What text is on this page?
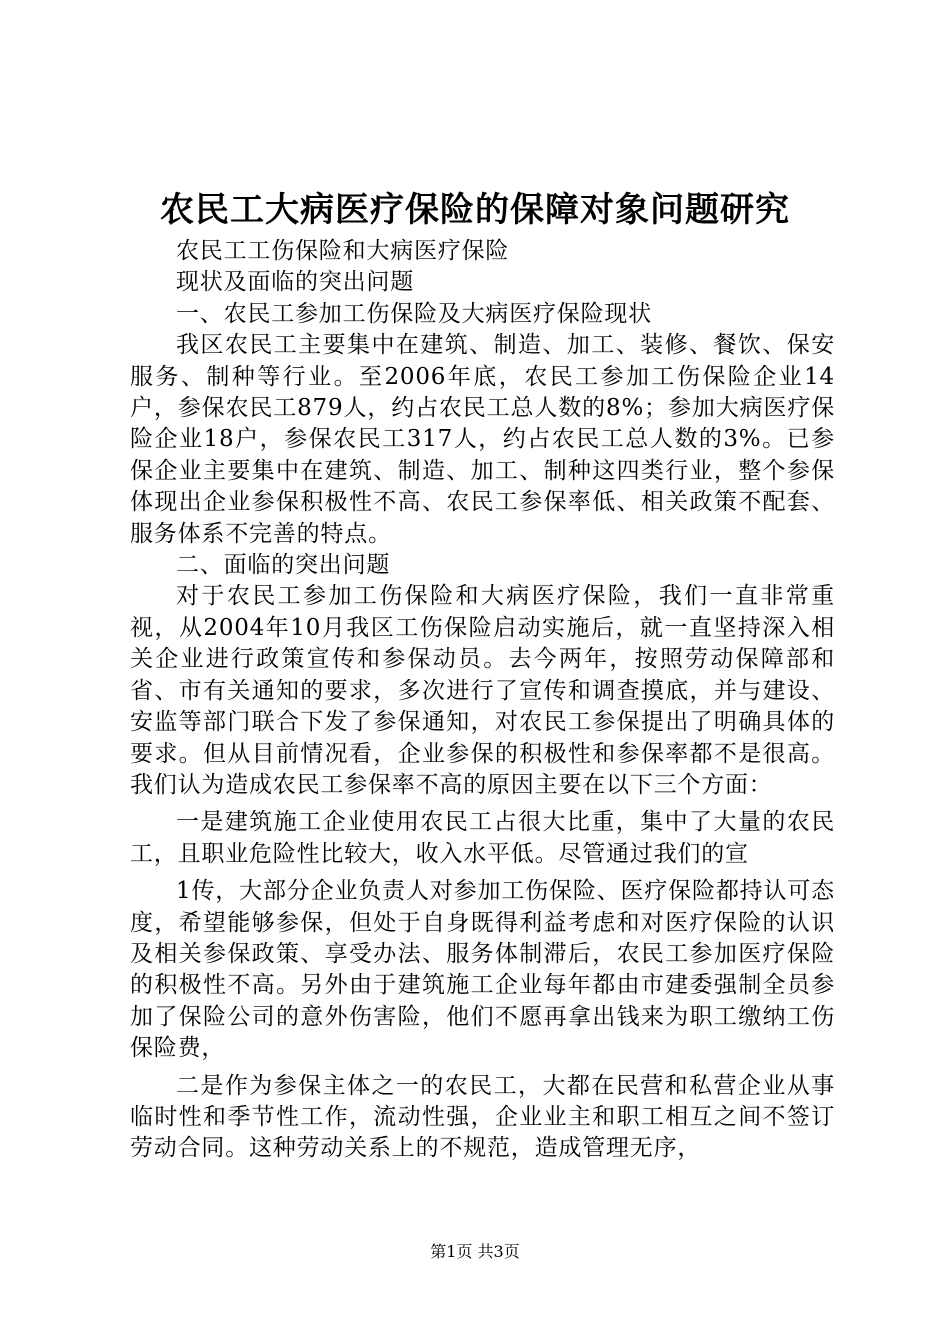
农民工大病医疗保险的保障对象问题研究

农民工工伤保险和大病医疗保险

现状及面临的突出问题

一、农民工参加工伤保险及大病医疗保险现状

我区农民工主要集中在建筑、制造、加工、装修、餐饮、保安服务、制种等行业。至2006年底，农民工参加工伤保险企业14户，参保农民工879人，约占农民工总人数的8%；参加大病医疗保险企业18户，参保农民工317人，约占农民工总人数的3%。已参保企业主要集中在建筑、制造、加工、制种这四类行业，整个参保体现出企业参保积极性不高、农民工参保率低、相关政策不配套、服务体系不完善的特点。

二、面临的突出问题

对于农民工参加工伤保险和大病医疗保险，我们一直非常重视，从2004年10月我区工伤保险启动实施后，就一直坚持深入相关企业进行政策宣传和参保动员。去今两年，按照劳动保障部和省、市有关通知的要求，多次进行了宣传和调查摸底，并与建设、安监等部门联合下发了参保通知，对农民工参保提出了明确具体的要求。但从目前情况看，企业参保的积极性和参保率都不是很高。我们认为造成农民工参保率不高的原因主要在以下三个方面：

一是建筑施工企业使用农民工占很大比重，集中了大量的农民工，且职业危险性比较大，收入水平低。尽管通过我们的宣

1传，大部分企业负责人对参加工伤保险、医疗保险都持认可态度，希望能够参保，但处于自身既得利益考虑和对医疗保险的认识及相关参保政策、享受办法、服务体制滞后，农民工参加医疗保险的积极性不高。另外由于建筑施工企业每年都由市建委强制全员参加了保险公司的意外伤害险，他们不愿再拿出钱来为职工缴纳工伤保险费，

二是作为参保主体之一的农民工，大都在民营和私营企业从事临时性和季节性工作，流动性强，企业业主和职工相互之间不签订劳动合同。这种劳动关系上的不规范，造成管理无序，

第1页 共3页
